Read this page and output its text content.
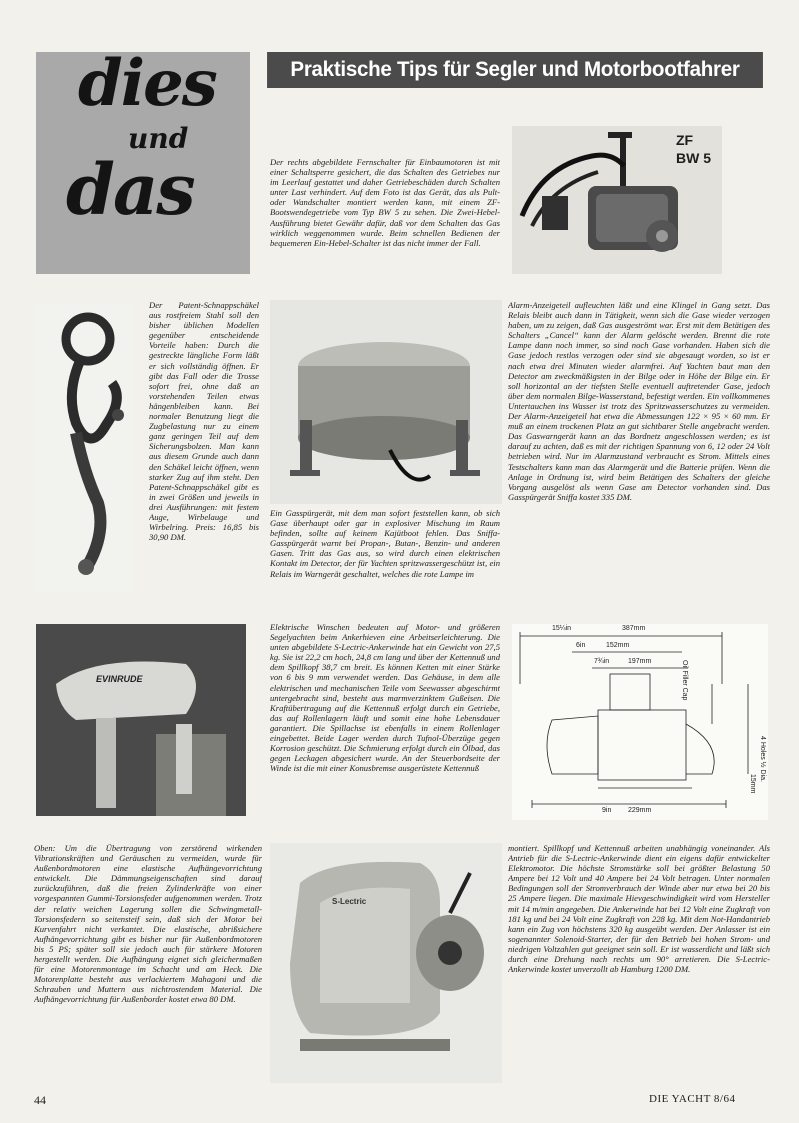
dies
und
das
Praktische Tips für Segler und Motorbootfahrer

Der rechts abgebildete Fernschalter für Einbaumotoren ist mit einer Schaltsperre gesichert, die das Schalten des Getriebes nur im Leerlauf gestattet und daher Getriebeschäden durch Schalten unter Last verhindert. Auf dem Foto ist das Gerät, das als Pult- oder Wandschalter montiert werden kann, mit einem ZF-Bootswendegetriebe vom Typ BW 5 zu sehen. Die Zwei-Hebel-Ausführung bietet Gewähr dafür, daß vor dem Schalten das Gas wirklich weggenommen wurde. Beim schnellen Bedienen der bequemeren Ein-Hebel-Schalter ist das nicht immer der Fall.

ZF
BW 5

Der Patent-Schnappschäkel aus rostfreiem Stahl soll den bisher üblichen Modellen gegenüber entscheidende Vorteile haben: Durch die gestreckte längliche Form läßt er sich vollständig öffnen. Er gibt das Fall oder die Trosse sofort frei, ohne daß an vorstehenden Teilen etwas hängenbleiben kann. Bei normaler Benutzung liegt die Zugbelastung nur zu einem ganz geringen Teil auf dem Sicherungsbolzen. Man kann aus diesem Grunde auch dann den Schäkel leicht öffnen, wenn starker Zug auf ihm steht. Den Patent-Schnappschäkel gibt es in zwei Größen und jeweils in drei Ausführungen: mit festem Auge, Wirbelauge und Wirbelring. Preis: 16,85 bis 30,90 DM.

Ein Gasspürgerät, mit dem man sofort feststellen kann, ob sich Gase überhaupt oder gar in explosiver Mischung im Raum befinden, sollte auf keinem Kajütboot fehlen. Das Sniffa-Gasspürgerät warnt bei Propan-, Butan-, Benzin- und anderen Gasen. Tritt das Gas aus, so wird durch einen elektrischen Kontakt im Detector, der für Yachten spritzwassergeschützt ist, ein Relais im Warngerät geschaltet, welches die rote Lampe im

Alarm-Anzeigeteil aufleuchten läßt und eine Klingel in Gang setzt. Das Relais bleibt auch dann in Tätigkeit, wenn sich die Gase wieder verzogen haben, um zu zeigen, daß Gas ausgeströmt war. Erst mit dem Betätigen des Schalters „Cancel“ kann der Alarm gelöscht werden. Brennt die rote Lampe dann noch immer, so sind noch Gase vorhanden. Haben sich die Gase jedoch restlos verzogen oder sind sie abgesaugt worden, so ist er nach etwa drei Minuten wieder alarmfrei. Auf Yachten baut man den Detector am zweckmäßigsten in der Bilge oder in Höhe der Bilge ein. Er soll horizontal an der tiefsten Stelle eventuell auftretender Gase, jedoch über dem normalen Bilge-Wasserstand, befestigt werden. Ein vollkommenes Untertauchen ins Wasser ist trotz des Spritzwasserschutzes zu vermeiden. Der Alarm-Anzeigeteil hat etwa die Abmessungen 122 × 95 × 60 mm. Er muß an einem trockenen Platz an gut sichtbarer Stelle angebracht werden. Das Gaswarngerät kann an das Bordnetz angeschlossen werden; es ist darauf zu achten, daß es mit der richtigen Spannung von 6, 12 oder 24 Volt betrieben wird. Nur im Alarmzustand verbraucht es Strom. Mittels eines Testschalters kann man das Alarmgerät und die Batterie prüfen. Wenn die Anlage in Ordnung ist, wird beim Betätigen des Schalters der gleiche Vorgang ausgelöst als wenn Gase am Detector vorhanden sind. Das Gasspürgerät Sniffa kostet 335 DM.

EVINRUDE

Elektrische Winschen bedeuten auf Motor- und größeren Segelyachten beim Ankerhieven eine Arbeitserleichterung. Die unten abgebildete S-Lectric-Ankerwinde hat ein Gewicht von 27,5 kg. Sie ist 22,2 cm hoch, 24,8 cm lang und über der Kettennuß und dem Spillkopf 38,7 cm breit. Es können Ketten mit einer Stärke von 6 bis 9 mm verwendet werden. Das Gehäuse, in dem alle elektrischen und mechanischen Teile vom Seewasser abgeschirmt untergebracht sind, besteht aus marmverzinktem Gußeisen. Die Kraftübertragung auf die Kettennuß erfolgt durch ein Getriebe, das auf Rollenlagern läuft und somit eine hohe Lebensdauer garantiert. Die Spillachse ist ebenfalls in einem Rollenlager eingebettet. Beide Lager werden durch Tufnol-Überzüge gegen Korrosion geschützt. Die Schmierung erfolgt durch ein Ölbad, das gegen Leckagen abgesichert wurde. An der Steuerbordseite der Winde ist die mit einer Konusbremse ausgerüstete Kettennuß

15¼in	387mm
6in	152mm
7¾in	197mm
9in 229mm
Oil Filler Cap
4 Holes ½ Dia.
15mm

Oben: Um die Übertragung von zerstörend wirkenden Vibrationskräften und Geräuschen zu vermeiden, wurde für Außenbordmotoren eine elastische Aufhängevorrichtung entwickelt. Die Dämmungseigenschaften sind darauf zurückzuführen, daß die freien Zylinderkräfte von einer vorgespannten Gummi-Torsionsfeder aufgenommen werden. Trotz der relativ weichen Lagerung sollen die Schwingmetall-Torsionsfedern so seitensteif sein, daß sich der Motor bei Kurvenfahrt nicht verkantet. Die elastische, abrißsichere Aufhängevorrichtung gibt es bisher nur für Außenbordmotoren bis 5 PS; später soll sie jedoch auch für stärkere Motoren hergestellt werden. Die Aufhängung eignet sich gleichermaßen für eine Motorenmontage im Schacht und am Heck. Die Motorenplatte besteht aus verlackiertem Mahagoni und die Schrauben und Muttern aus nichtrostendem Material. Die Aufhängevorrichtung für Außenborder kostet etwa 80 DM.

S-Lectric

montiert. Spillkopf und Kettennuß arbeiten unabhängig voneinander. Als Antrieb für die S-Lectric-Ankerwinde dient ein eigens dafür entwickelter Elektromotor. Die höchste Stromstärke soll bei größter Belastung 50 Ampere bei 12 Volt und 40 Ampere bei 24 Volt betragen. Unter normalen Bedingungen soll der Stromverbrauch der Winde aber nur etwa bei 20 bis 25 Ampere liegen. Die maximale Hievgeschwindigkeit wird vom Hersteller mit 14 m/min angegeben. Die Ankerwinde hat bei 12 Volt eine Zugkraft von 181 kg und bei 24 Volt eine Zugkraft von 228 kg. Mit dem Not-Handantrieb kann ein Zug von höchstens 320 kg ausgeübt werden. Der Anlasser ist ein sogenannter Solenoid-Starter, der für den Betrieb bei hohen Strom- und niedrigen Voltzahlen gut geeignet sein soll. Er ist wasserdicht und läßt sich durch eine Drehung nach rechts um 90° arretieren. Die S-Lectric-Ankerwinde kostet unverzollt ab Hamburg 1200 DM.

44	DIE YACHT 8/64
